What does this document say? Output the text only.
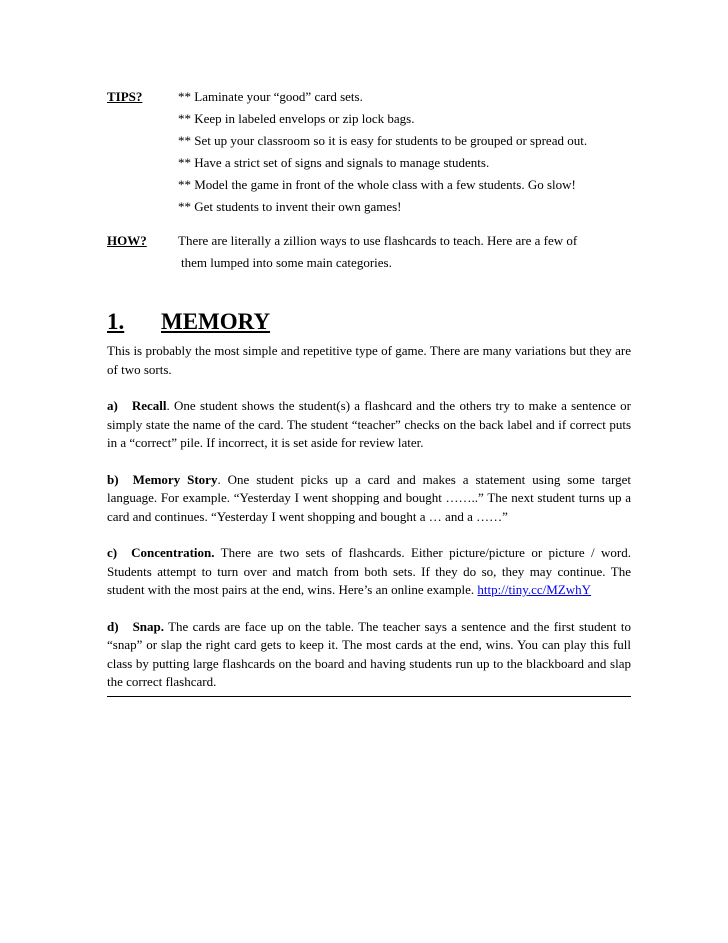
TIPS?	** Laminate your “good” card sets.
** Keep in labeled envelops or zip lock bags.
** Set up your classroom so it is easy for students to be grouped or spread out.
** Have a strict set of signs and signals to manage students.
** Model the game in front of the whole class with a few students. Go slow!
** Get students to invent their own games!
HOW?	There are literally a zillion ways to use flashcards to teach. Here are a few of
them lumped into some main categories.
1.	MEMORY

This is probably the most simple and repetitive type of game. There are many variations but they are of two sorts.

a) Recall. One student shows the student(s) a flashcard and the others try to make a sentence or simply state the name of the card. The student “teacher” checks on the back label and if correct puts in a “correct” pile. If incorrect, it is set aside for review later.

b) Memory Story. One student picks up a card and makes a statement using some target language. For example. “Yesterday I went shopping and bought ……..” The next student turns up a card and continues. “Yesterday I went shopping and bought a … and a ……”

c) Concentration. There are two sets of flashcards. Either picture/picture or picture / word. Students attempt to turn over and match from both sets. If they do so, they may continue. The student with the most pairs at the end, wins. Here’s an online example. http://tiny.cc/MZwhY

d) Snap. The cards are face up on the table. The teacher says a sentence and the first student to “snap” or slap the right card gets to keep it. The most cards at the end, wins. You can play this full class by putting large flashcards on the board and having students run up to the blackboard and slap the correct flashcard.
